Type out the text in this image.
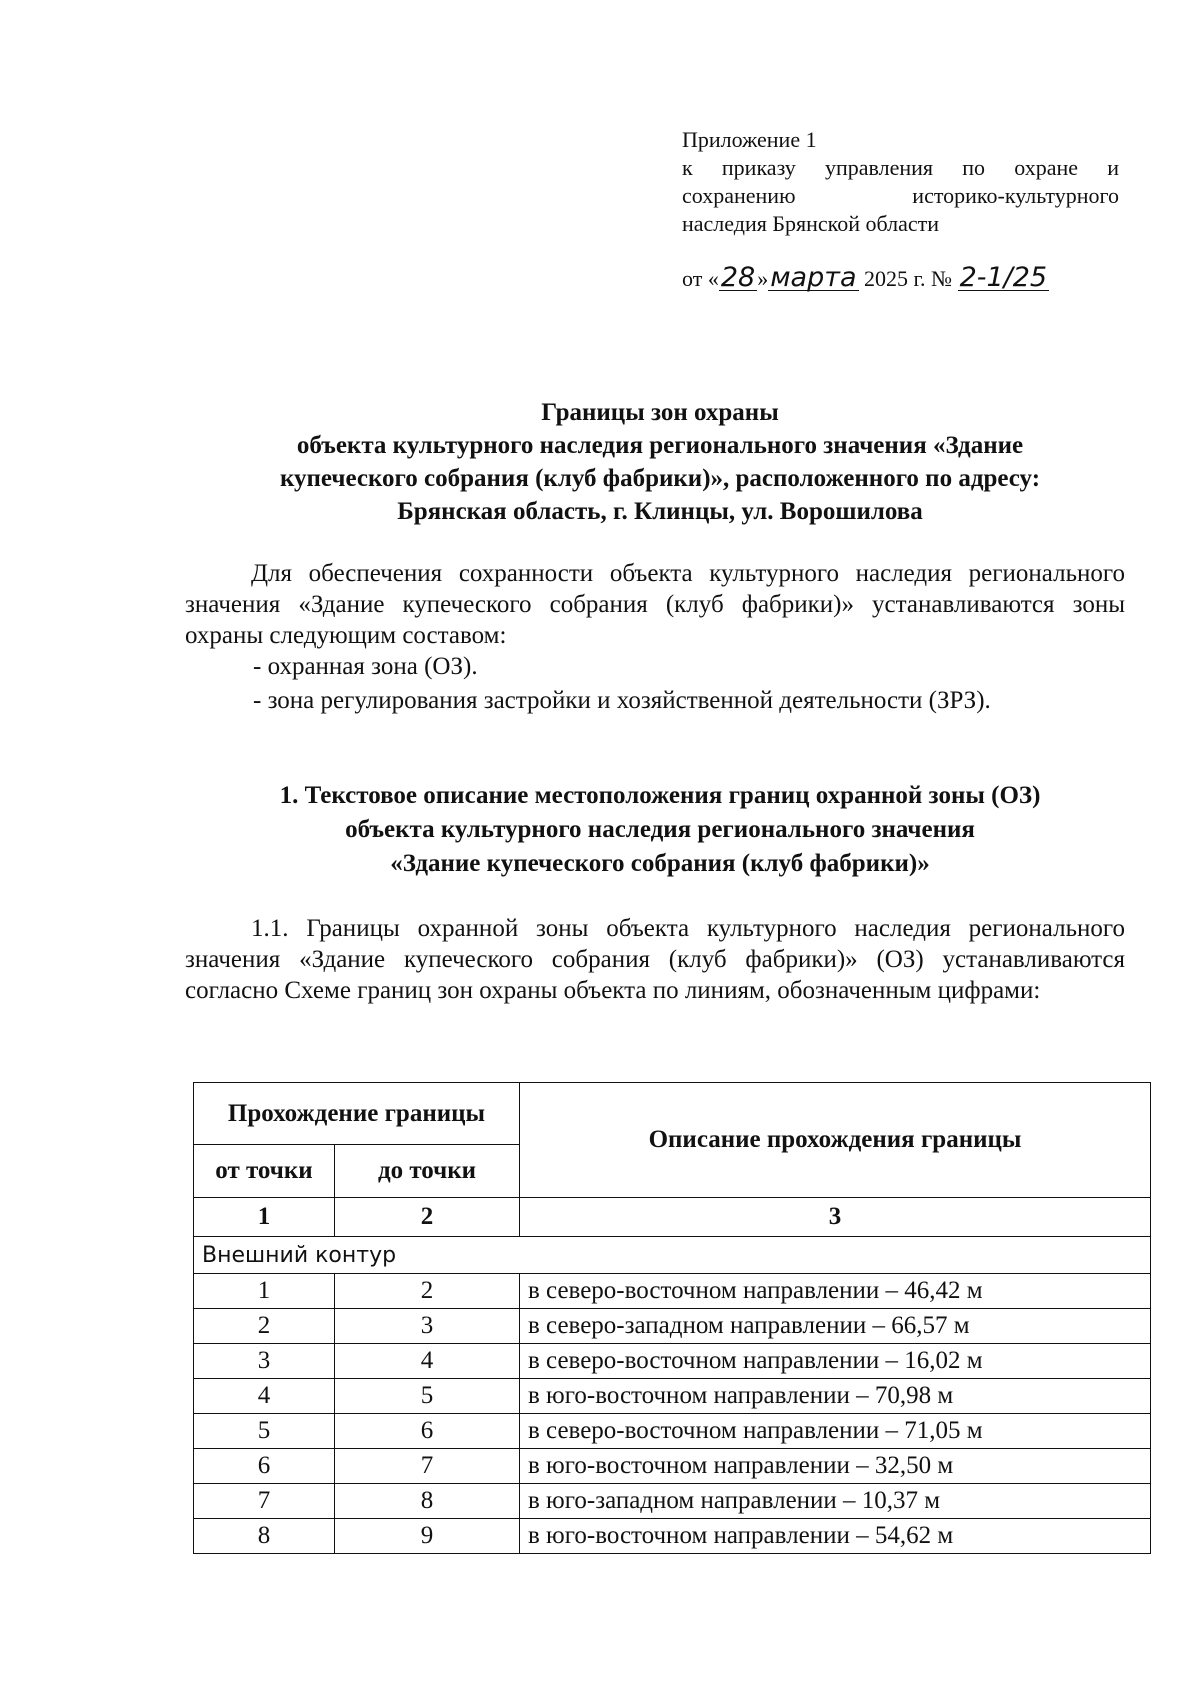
Приложение 1
к приказу управления по охране и
сохранению историко-культурного
наследия Брянской области
от «28»марта 2025 г. № 2-1/25
Границы зон охраны
объекта культурного наследия регионального значения «Здание
купеческого собрания (клуб фабрики)», расположенного по адресу:
Брянская область, г. Клинцы, ул. Ворошилова
Для обеспечения сохранности объекта культурного наследия регионального значения «Здание купеческого собрания (клуб фабрики)» устанавливаются зоны охраны следующим составом:
- охранная зона (ОЗ).
- зона регулирования застройки и хозяйственной деятельности (ЗРЗ).
1. Текстовое описание местоположения границ охранной зоны (ОЗ)
объекта культурного наследия регионального значения
«Здание купеческого собрания (клуб фабрики)»
1.1. Границы охранной зоны объекта культурного наследия регионального значения «Здание купеческого собрания (клуб фабрики)» (ОЗ) устанавливаются согласно Схеме границ зон охраны объекта по линиям, обозначенным цифрами:
Прохождение границы		Описание прохождения границы
от точки	до точки	
1	2	3
Внешний контур		
1	2	в северо-восточном направлении – 46,42 м
2	3	в северо-западном направлении – 66,57 м
3	4	в северо-восточном направлении – 16,02 м
4	5	в юго-восточном направлении – 70,98 м
5	6	в северо-восточном направлении – 71,05 м
6	7	в юго-восточном направлении – 32,50 м
7	8	в юго-западном направлении – 10,37 м
8	9	в юго-восточном направлении – 54,62 м
